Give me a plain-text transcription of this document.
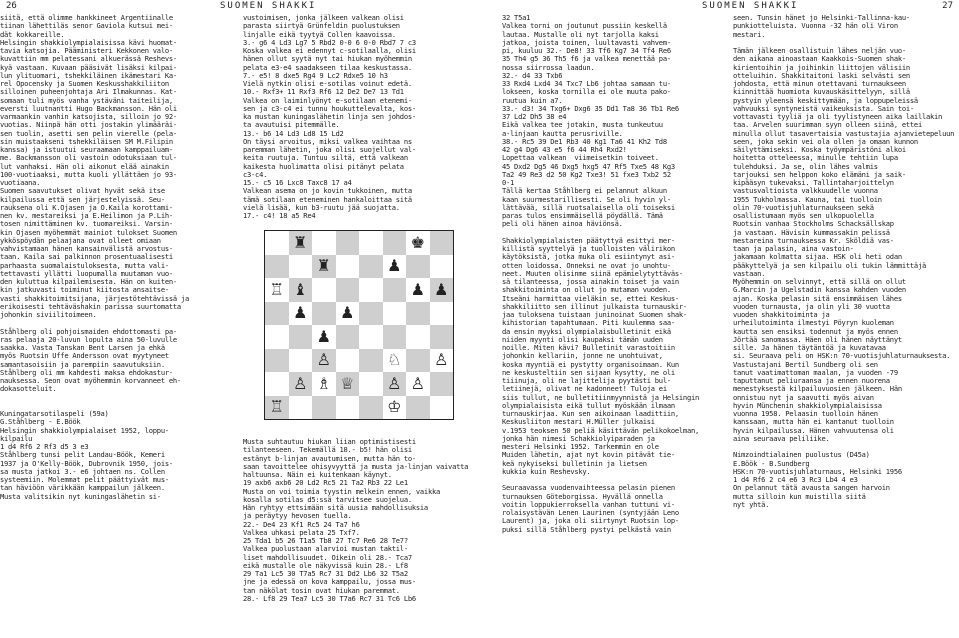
26	SUOMEN SHAKKI
siitä, että olimme hankkineet Argentiinalle
tiinan lähettiläs senor Gaviola kutsui mei-
dät kokkareille.
Helsingin shakkiolympialaisissa kävi huomat-
tavia katsojia. Pääministeri Kekkonen valo-
kuvattiin mm pelatessani alkuerässä Reshevs-
kyä vastaan. Kuvaan pääsivät lisäksi kilpai-
lun ylituomari, tshekkiläinen ikämestari Ka-
rel Opocensky ja Suomen Keskusshakkiliiton
silloinen puheenjohtaja Ari Ilmakunnas. Kat-
somaan tuli myös vanha ystäväni taiteilija,
eversti luutnantti Hugo Backmansson. Hän oli
varmaankin vanhin katsojista, silloin jo 92-
vuotias. Niinpä hän otti jostakin ylimääräi-
sen tuolin, asetti sen pelin vierelle (pela-
sin muistaakseni tshekkiläisen SM M.Filipin
kanssa) ja istuutui seuraamaan kamppailuam-
me. Backmansson oli vastoin odotuksiaan tul-
lut vanhaksi. Hän oli aikonut elää ainakin
100-vuotiaaksi, mutta kuoli yllättäen jo 93-
vuotiaana.
Suomen saavutukset olivat hyvät sekä itse
kilpailussa että sen järjestelyissä. Seu-
rauksena oli K.Ojasen ja O.Kaila korottami-
nen kv. mestareiksi ja E.Heilimon ja P.Lih-
tosen nimittäminen kv. tuomareiksi. Varsin-
kin Ojasen myöhemmät mainiot tulokset Suomen
ykköspöydän pelaajana ovat olleet omiaan
vahvistamaan hänen kansainvälistä arvostus-
taan. Kaila sai palkinnon prosentuaalisesti
parhaasta suomalaistuloksesta, mutta vali-
tettavasti yllätti luopumalla muutaman vuo-
den kuluttua kilpailemisesta. Hän on kuiten-
kin jatkuvasti toiminut kiitosta ansaitse-
vasti shakkitoimitsijana, järjestötehtävissä ja
erikoisesti tehtäväshakin parissa suurtomatta
johonkin siviilitoimeen.

Ståhlberg oli pohjoismaiden ehdottomasti pa-
ras pelaaja 20-luvun lopulta aina 50-luvulle
saakka. Vasta Tanskan Bent Larsen ja ehkä
myös Ruotsin Uffe Andersson ovat myytyneet
samantasoisiin ja parempiin saavutuksiin.
Ståhlberg oli mm kahdesti maksa ehdokastur-
nauksessa. Seon ovat myöhemmin korvanneet eh-
dokasotteluit.

Kuningatarsotilaspeli (59a)
G.Ståhlberg - E.Böök
Helsingin shakkiolympialaiset 1952, loppu-
kilpailu
1 d4 Rf6 2 Rf3 d5 3 e3
Ståhlberg tunsi pelit Landau-Böök, Kemeri
1937 ja O'Kelly-Böök, Dubrovnik 1950, jois-
sa musta jatkoi 3.- e6 johtaen ns. Collen
systeemiin. Molemmat pelit päättyivät mus-
tan häviöön värikkään kamppailun jälkeen.
Musta valitsikin nyt kuningaslähetin si-
vustoimisen, jonka jälkeen valkean olisi
parasta siirtyä Grünfeldin puolustuksen
linjalle eikä tyytyä Collen kaavoissa.
3.- g6 4 Ld3 Lg7 5 Rbd2 0-0 6 0-0 Rbd7 7 c3
Koska valkea ei edennyt c-sotilaalla, olisi
hänen ollut syytä nyt tai hiukan myöhemmin
pelata e3-e4 saadakseen tilaa keskustassa.
7.- e5! 8 dxe5 Rg4 9 Lc2 Rdxe5 10 h3
Vielä nytkin olisi e-sotilas voinut edetä.
10.- Rxf3+ 11 Rxf3 Rf6 12 De2 De7 13 Td1
Valkea on laiminlyönyt e-sotilaan etenemi-
sen ja c3-c4 ei tunnu houkuttelevalta, kos-
ka mustan kuningaslähetin linja sen johdos-
ta avautuisi pitemmälle.
13.- b6 14 Ld3 Ld8 15 Ld2
On täysi arvoitus, miksi valkea vaihtaa ns
paremman lähetin, joka olisi suojellut val-
keita ruutuja. Tuntuu siltä, että valkean
kaikesta huolimatta olisi pitänyt pelata
c3-c4.
15.- c5 16 Lxc8 Taxc8 17 a4
Valkean asema on jo kovin tukkoinen, mutta
tämä sotilaan eteneminen hankaloittaa sitä
vielä lisää, kun b3-ruutu jää suojatta.
17.- c4! 18 a5 Re4
♜	♚
♜	♟
♖ ♝	♟ ♟
♟ ♟
♟
♙	♘ ♙
♙ ♗ ♕ ♙ ♙
♖	♔
Musta suhtautuu hiukan liian optimistisesti
tilanteeseen. Tekemällä 18.- b5! hän olisi
estänyt b-linjan avautumisen, mutta hän to-
saan tavoittelee ohisyvyyttä ja musta ja-linjan vaivatta
haltuunsa. Näin ei kuitenkaan käynyt.
19 axb6 axb6 20 Ld2 Rc5 21 Ta2 Rb3 22 Le1
Musta on voi toimia tyystin melkein ennen, vaikka
kosalla sotilas d5:ssä tarvitsee suojelua.
Hän ryhtyy ettsimään sitä uusia mahdollisuksia
ja peräytyy hevosen tuella.
22.- De4 23 Kf1 Rc5 24 Ta7 h6
Valkea uhkasi pelata 25 Txf7.
25 Tda1 b5 26 T1a5 Tb8 27 Tc7 Re6 28 Te7?
Valkea puolustaan alarvioi mustan taktil-
liset mahdollisuudet. Oikein oli 28.- Tca7
eikä mustalle ole näkyvissä kuin 28.- Lf8
29 Ta1 Lc5 30 T7a5 Rc7 31 Dd2 Lb6 32 T5a2
jne ja edessä on kova kamppailu, jossa mus-
tan näkölat tosin ovat hiukan paremmat.
28.- Lf8 29 Tea7 Lc5 30 T7a6 Rc7 31 Tc6 Lb6
SUOMEN SHAKKI	27
32 T5a1
Valkea torni on joutunut pussiin keskellä
lautaa. Mustalle oli nyt tarjolla kaksi
jatkoa, joista toinen, luultavasti vahvem-
pi, kuuluu 32.- De8! 33 Tf6 Kg7 34 Tf4 Re6
35 Th4 g5 36 Th5 f6 ja valkea menettää pa-
nossa siirrossa laadun.
32.- d4 33 Txb6
33 Rxd4 Lxd4 34 Txc7 Lb6 johtaa samaan tu-
lokseen, koska tornilla ei ole muuta pako-
ruutua kuin a7.
33.- d3! 34 Txg6+ Dxg6 35 Dd1 Ta8 36 Tb1 Re6
37 Ld2 Dh5 38 e4
Eikä valkea tee jotakin, musta tunkeutuu
a-linjaan kautta perusriville.
38.- Rc5 39 De1 Rb3 40 Kg1 Ta6 41 Kh2 Td8
42 g4 Dg6 43 e5 f6 44 Rh4 Rxd2!
Lopettaa valkean  viimeisetkin toiveet.
45 Dxd2 Dg5 46 Dxg5 hxg5 47 Rf5 Txe5 48 Kg3
Ta2 49 Re3 d2 50 Kg2 Txe3! 51 fxe3 Txb2 52
0-1
Tällä kertaa Ståhlberg ei pelannut alkuun
kaan suurmestarillisesti. Se oli hyvin yl-
lättävää, sillä ruotsalaisella oli toiseksi
paras tulos ensimmäisellä pöydällä. Tämä
peli oli hänen ainoa häviönsä.

Shakkiolympialaisten päätyttyä esittyi mer-
killistä syyttelyä ja tuolloisten välirikon
käytöksistä, jotka muka oli esiintynyt asi-
otten loidossa. Onneksi ne ovat jo unohtu-
neet. Muuten olisinme siinä epämielytyttäväs-
sä tilanteessa, jossa ainakin toiset ja vain
shakkitoiminta on ollut jo mutaman vuoden.
Itseäni harmittaa vieläkin se, ettei Keskus-
shakkiliitto sen illinut julkaista turnauskir-
jaa tuloksena tuistaan juninoinat Suomen shak-
kihistorian tapahtumaan. Piti kuulemma saa-
da ensin myyksi olympialaisbulletinit eikä
niiden myynti olisi kaupaksi tämän uuden
noille. Miten kävi? Bulletinit varastoitiin
johonkin kellariin, jonne ne unohtuivat,
koska myyntiä ei pystytty organisoimaan. Kun
ne keskusteltiin sen sijaan kysytty, ne oli
tiiinuja, oli ne lajittelija pyytästi bul-
letiinejä, olivat ne kadonneet! Tuloja ei
siis tullut, ne bulletitiinmyynnistä ja Helsingin
olympialaisista eikä tullut myöskään ilmaan
turnauskirjaa. Kun sen aikoinaan laadittiin,
Keskusliiton mestari H.Müller julkaisi
v.1953 teoksen 50 peliä käsittävän pelikokoelman,
jonka hän nimesi Schakkiolyiparaden ja
mesteri Helsinki 1952. Tarkemmin en ole
Muiden lähetin, ajat nyt kovin pitävät tie-
keä nykyiseksi bulletinin ja lietsen
kukkia kuin Reshevsky.

Seuraavassa vuodenvaihteessa pelasin pienen
turnauksen Göteborgissa. Hyvällä onnella
voitin loppukierroksella vanhan tuttuni vi-
rolaisystävän Lenen Laurinen (syntyjään Leno
Laurent) ja, joka oli siirtynyt Ruotsin lop-
puksi sillä Ståhlberg pystyi pelkästä vain
seen. Tunsin hänet jo Helsinki-Tallinna-kau-
punkiotteluista. Vuonna -32 hän oli Viron
mestari.

Tämän jälkeen osallistuin lähes neljän vuo-
den aikana ainoastaan Kaakkois-Suomen shak-
kirientoihin ja joihinkin liittojen välisiin
otteluihin. Shakkitaitoni laski selvästi sen
johdosta, että minun otettavani turnaukseen
kiinnittää huomiota kuvauskäsittelyyn, sillä
pystyin yleensä keskittymään, ja loppupeleissä
vahvuuksi syntyneistä vaikeuksista. Sain toi-
vottavasti tyyliä ja oli tyylistyneen aika laillakin
taa. Arvelen suurimman syyn olleen siinä, ettei
minulla ollut tasavertaisia vastustajia ajanvietepeluun
seen, joka sekin vei ola ollen ja omaan kunnon
säilyttämiseksi. Koska työympäristöni alkoi
hoitetta otteleessa, minulle tehtiin lupa
tulehduksi. Ja se, olin lähes valmis
tarjouksi sen helppon koko elämäni ja saik-
kipääsyn tukevaksi. Tallintaharjoittelyn
vastusvaltioista valkkuudelle vuonna
1955 Tukholmassa. Kauna, tai tuolloin
olin 70-vuotisjuhlaturnaukseen sekä
osallistumaan myös sen ulkopuolella
Ruotsin vanhaa Stockholms Schacksällskap
ja vastaan. Hävisin kummassakin pelissä
mestareina turnauksessa Kr. Sköldiä vas-
taan ja palasin, aina vastoin-
jakamaan kolmatta sijaa. HSK oli heti odan
pääkyttelyä ja sen kilpailu oli tukin lämmittäjä
vastaan.
Myöhemmin on selvinnyt, että sillä on ollut
G.Marcin ja Ugelstadin kanssa kahden vuoden
ajan. Koska pelasin sitä ensimmäisen lähes
vuoden turnausta, ja olin yli 30 vuotta
vuoden shakkitoiminta ja
urheilutoiminta ilmestyi Pöyryn kuoleman
kautta sen ensiksi todennut ja myös ennen
Jörtää sanomassa. Häen oli hänen näyttänyt
sille. Ja hänen täytäntöä ja kuvatavaa
si. Seuraava peli on HSK:n 70-vuotisjuhlaturnauksesta.
Vastustajani Bertil Sundberg oli sen
tanut vaatimattoman maalan, ja vuoden -79
taputtanut peliuraansa ja ennen nuorena
menestyksestä kilpailuvuosien jälkeen. Hän
onnistuu nyt ja saavutti myös aivan
hyvin Münchenin shakkiolympialaisissa
vuonna 1958. Pelaasin tuolloin hänen
kanssaan, mutta hän ei kantanut tuolloin
hyvin kilpailussa. Hänen vahvuutensa oli
aina seuraava peliliike.

Nimzoindtialainen puolustus (D45a)
E.Böök - B.Sundberg
HSK:n 70-vuotisjuhlaturnaus, Helsinki 1956
1 d4 Rf6 2 c4 e6 3 Rc3 Lb4 4 e3
On pelannut tätä avausta sangen harvoin
mutta silloin kun muistilla siitä
nyt yhtä.
